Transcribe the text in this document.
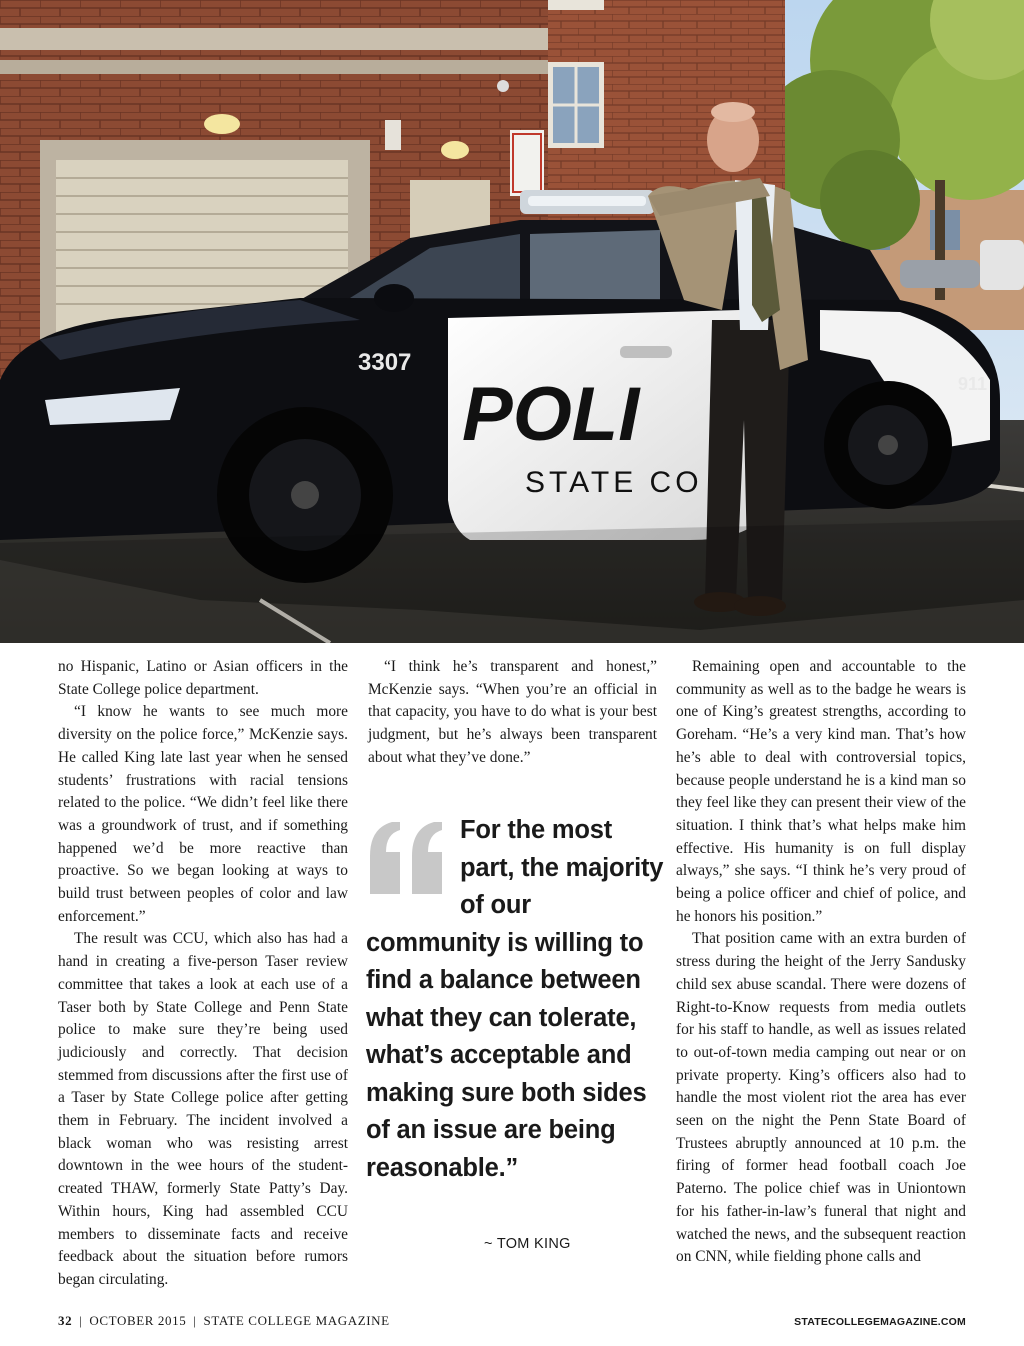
POLI
STATE CO
3307
911

no Hispanic, Latino or Asian officers in the State College police department.

“I know he wants to see much more diversity on the police force,” McKenzie says. He called King late last year when he sensed students’ frustrations with racial tensions related to the police. “We didn’t feel like there was a groundwork of trust, and if something happened we’d be more reactive than proactive. So we began looking at ways to build trust between peoples of color and law enforcement.”

The result was CCU, which also has had a hand in creating a five-person Taser review committee that takes a look at each use of a Taser both by State College and Penn State police to make sure they’re being used judiciously and correctly. That decision stemmed from discussions after the first use of a Taser by State College police after getting them in February. The incident involved a black woman who was resisting arrest downtown in the wee hours of the student-created THAW, formerly State Patty’s Day. Within hours, King had assembled CCU members to disseminate facts and receive feedback about the situation before rumors began circulating.

“I think he’s transparent and honest,” McKenzie says. “When you’re an official in that capacity, you have to do what is your best judgment, but he’s always been transparent about what they’ve done.”

For the most part, the majority of our community is willing to find a balance between what they can tolerate, what’s acceptable and making sure both sides of an issue are being reasonable.”
~ TOM KING

Remaining open and accountable to the community as well as to the badge he wears is one of King’s greatest strengths, according to Goreham. “He’s a very kind man. That’s how he’s able to deal with controversial topics, because people understand he is a kind man so they feel like they can present their view of the situation. I think that’s what helps make him effective. His humanity is on full display always,” she says. “I think he’s very proud of being a police officer and chief of police, and he honors his position.”

That position came with an extra burden of stress during the height of the Jerry Sandusky child sex abuse scandal. There were dozens of Right-to-Know requests from media outlets for his staff to handle, as well as issues related to out-of-town media camping out near or on private property. King’s officers also had to handle the most violent riot the area has ever seen on the night the Penn State Board of Trustees abruptly announced at 10 p.m. the firing of former head football coach Joe Paterno. The police chief was in Uniontown for his father-in-law’s funeral that night and watched the news, and the subsequent reaction on CNN, while fielding phone calls and

32 | OCTOBER 2015 | STATE COLLEGE MAGAZINE	STATECOLLEGEMAGAZINE.COM
